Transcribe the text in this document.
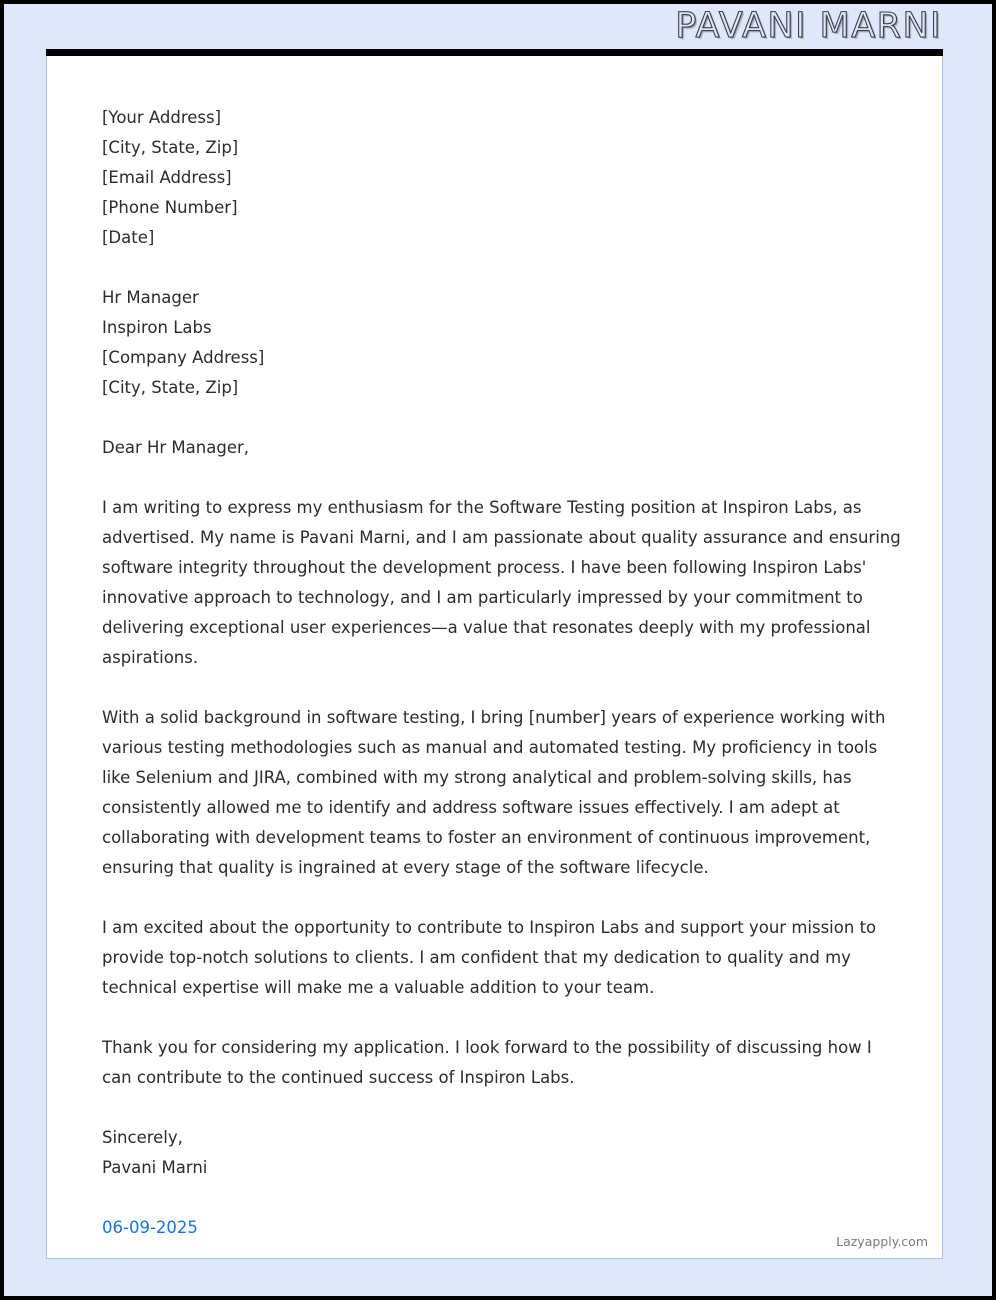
PAVANI MARNI
[Your Address]
[City, State, Zip]
[Email Address]
[Phone Number]
[Date]
Hr Manager
Inspiron Labs
[Company Address]
[City, State, Zip]
Dear Hr Manager,
I am writing to express my enthusiasm for the Software Testing position at Inspiron Labs, as advertised. My name is Pavani Marni, and I am passionate about quality assurance and ensuring software integrity throughout the development process. I have been following Inspiron Labs' innovative approach to technology, and I am particularly impressed by your commitment to delivering exceptional user experiences—a value that resonates deeply with my professional aspirations.
With a solid background in software testing, I bring [number] years of experience working with various testing methodologies such as manual and automated testing. My proficiency in tools like Selenium and JIRA, combined with my strong analytical and problem-solving skills, has consistently allowed me to identify and address software issues effectively. I am adept at collaborating with development teams to foster an environment of continuous improvement, ensuring that quality is ingrained at every stage of the software lifecycle.
I am excited about the opportunity to contribute to Inspiron Labs and support your mission to provide top-notch solutions to clients. I am confident that my dedication to quality and my technical expertise will make me a valuable addition to your team.
Thank you for considering my application. I look forward to the possibility of discussing how I can contribute to the continued success of Inspiron Labs.
Sincerely,
Pavani Marni
06-09-2025
Lazyapply.com
